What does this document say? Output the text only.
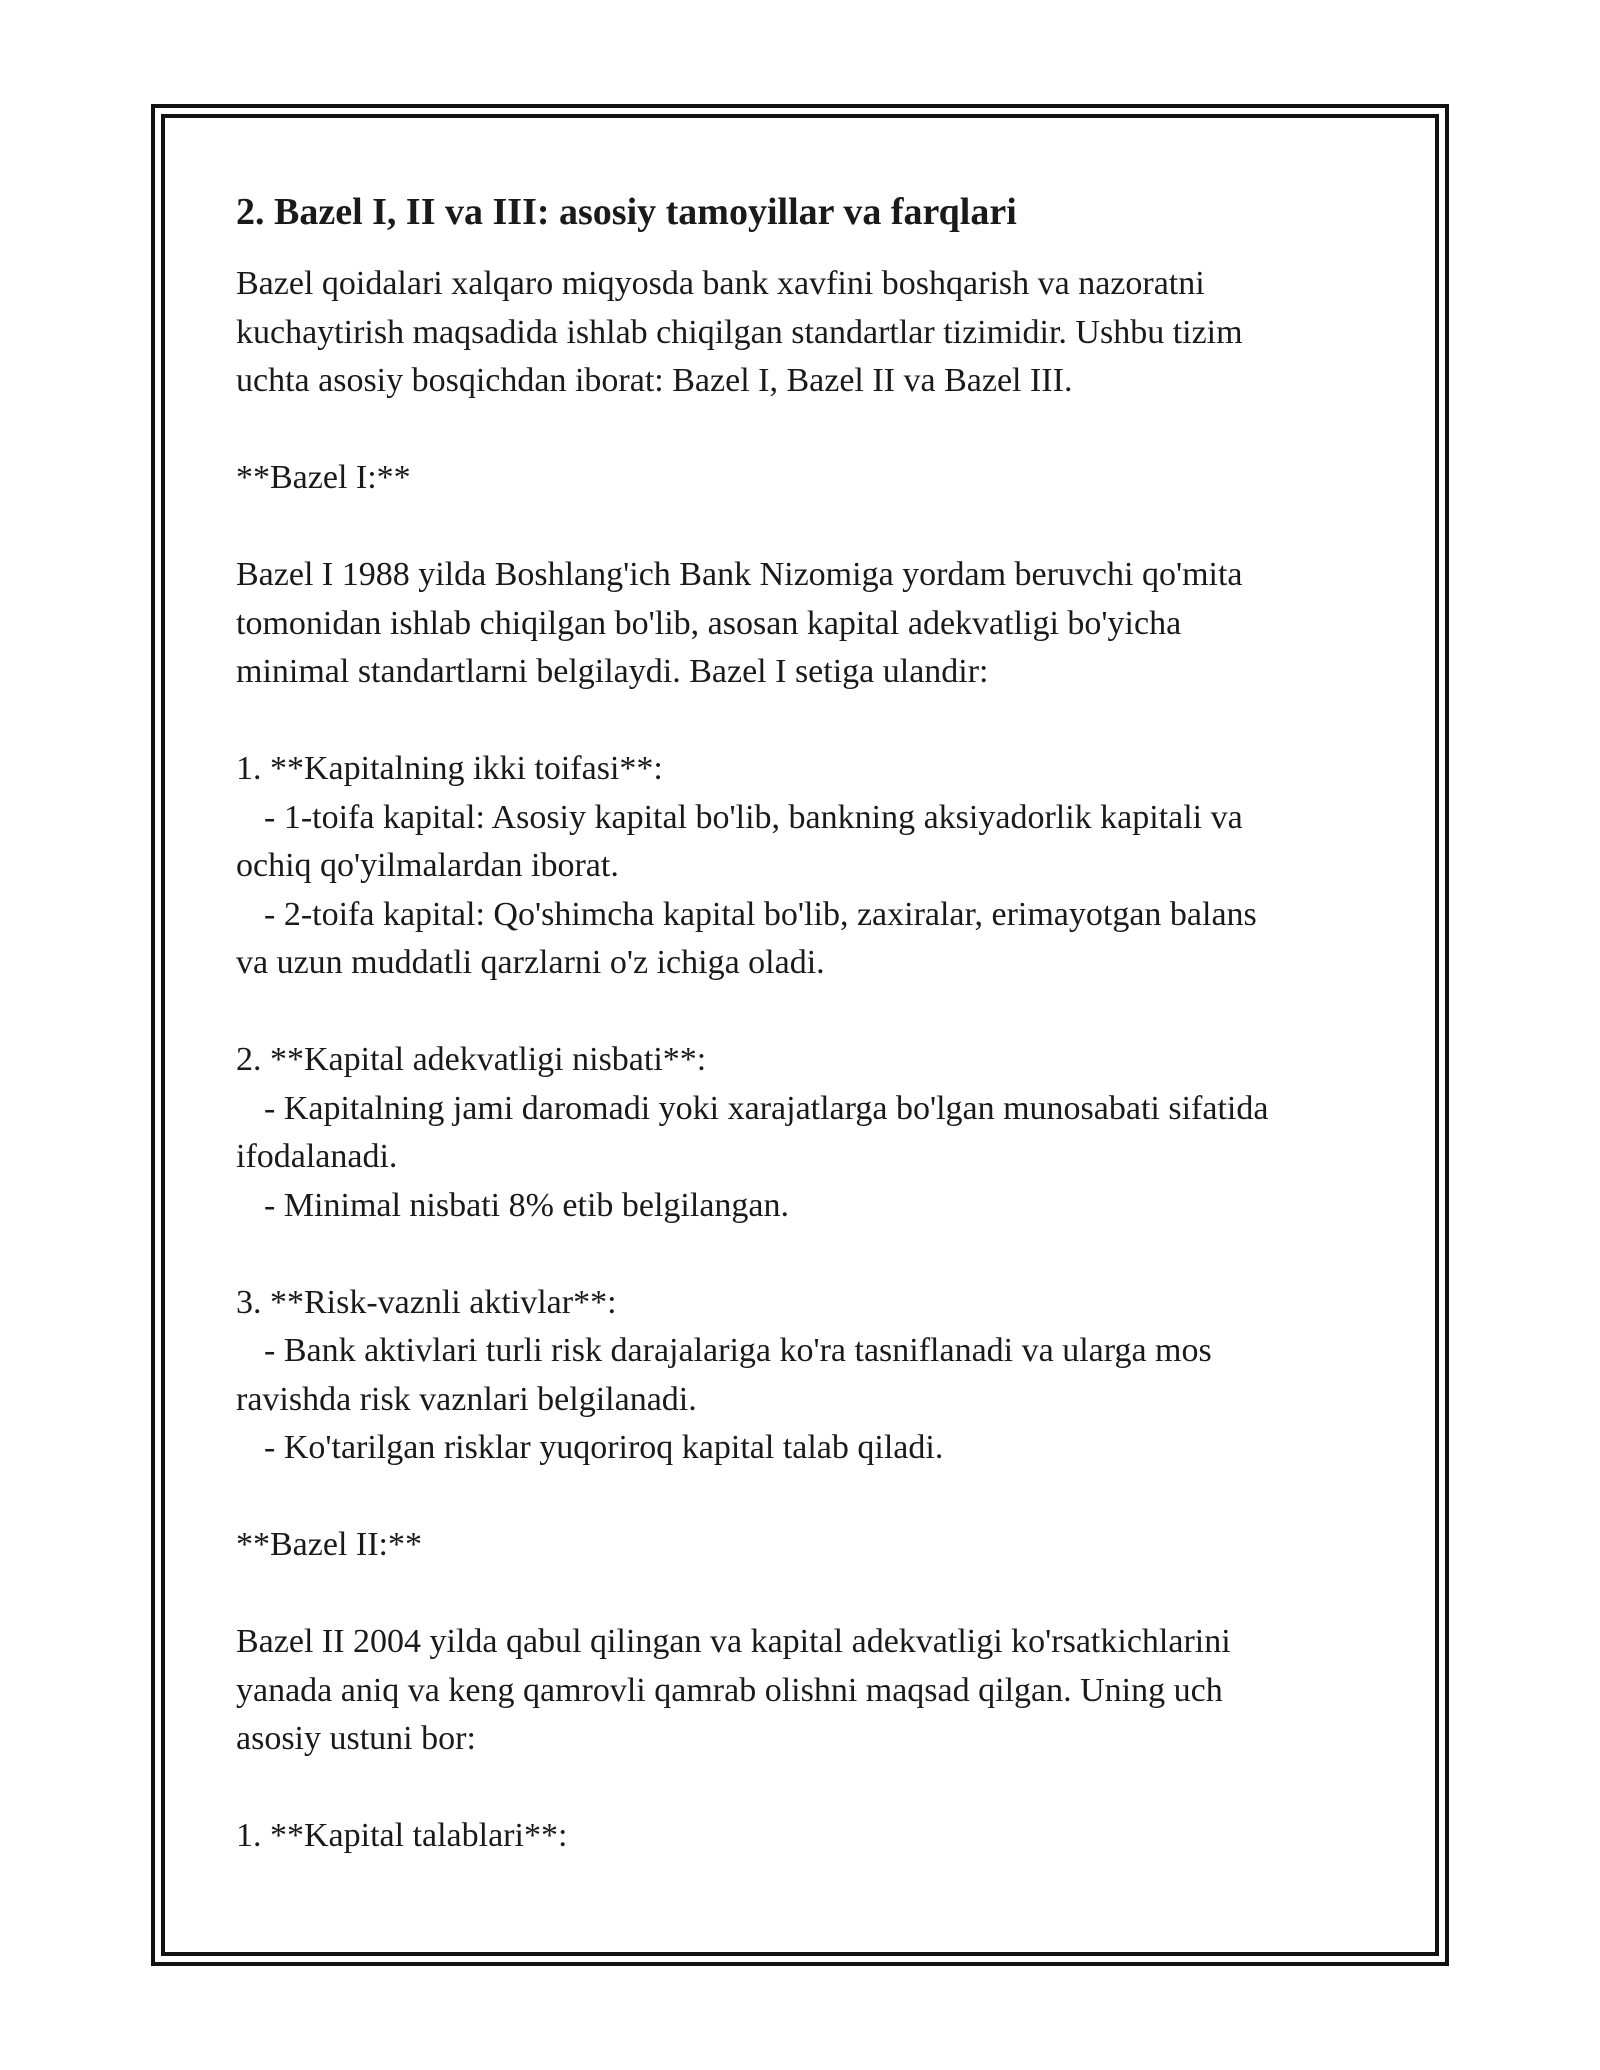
2. Bazel I, II va III: asosiy tamoyillar va farqlari
Bazel qoidalari xalqaro miqyosda bank xavfini boshqarish va nazoratni
kuchaytirish maqsadida ishlab chiqilgan standartlar tizimidir. Ushbu tizim
uchta asosiy bosqichdan iborat: Bazel I, Bazel II va Bazel III.
**Bazel I:**
Bazel I 1988 yilda Boshlang'ich Bank Nizomiga yordam beruvchi qo'mita
tomonidan ishlab chiqilgan bo'lib, asosan kapital adekvatligi bo'yicha
minimal standartlarni belgilaydi. Bazel I setiga ulandir:
1. **Kapitalning ikki toifasi**:
- 1-toifa kapital: Asosiy kapital bo'lib, bankning aksiyadorlik kapitali va
ochiq qo'yilmalardan iborat.
- 2-toifa kapital: Qo'shimcha kapital bo'lib, zaxiralar, erimayotgan balans
va uzun muddatli qarzlarni o'z ichiga oladi.
2. **Kapital adekvatligi nisbati**:
- Kapitalning jami daromadi yoki xarajatlarga bo'lgan munosabati sifatida
ifodalanadi.
- Minimal nisbati 8% etib belgilangan.
3. **Risk-vaznli aktivlar**:
- Bank aktivlari turli risk darajalariga ko'ra tasniflanadi va ularga mos
ravishda risk vaznlari belgilanadi.
- Ko'tarilgan risklar yuqoriroq kapital talab qiladi.
**Bazel II:**
Bazel II 2004 yilda qabul qilingan va kapital adekvatligi ko'rsatkichlarini
yanada aniq va keng qamrovli qamrab olishni maqsad qilgan. Uning uch
asosiy ustuni bor:
1. **Kapital talablari**:
